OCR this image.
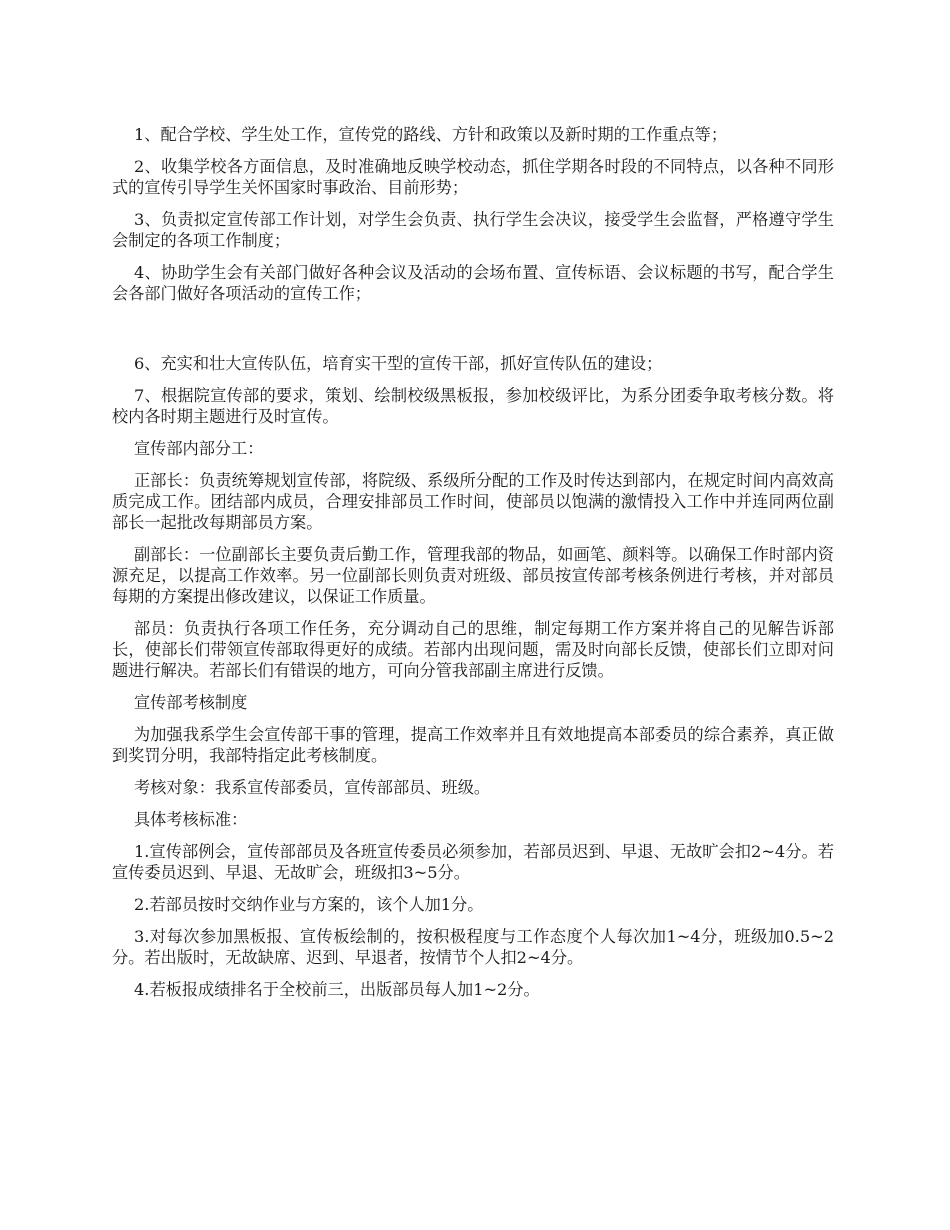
1、配合学校、学生处工作，宣传党的路线、方针和政策以及新时期的工作重点等；

2、收集学校各方面信息，及时准确地反映学校动态，抓住学期各时段的不同特点，以各种不同形式的宣传引导学生关怀国家时事政治、目前形势；

3、负责拟定宣传部工作计划，对学生会负责、执行学生会决议，接受学生会监督，严格遵守学生会制定的各项工作制度；

4、协助学生会有关部门做好各种会议及活动的会场布置、宣传标语、会议标题的书写，配合学生会各部门做好各项活动的宣传工作；

6、充实和壮大宣传队伍，培育实干型的宣传干部，抓好宣传队伍的建设；

7、根据院宣传部的要求，策划、绘制校级黑板报，参加校级评比，为系分团委争取考核分数。将校内各时期主题进行及时宣传。

宣传部内部分工：

正部长：负责统筹规划宣传部，将院级、系级所分配的工作及时传达到部内，在规定时间内高效高质完成工作。团结部内成员，合理安排部员工作时间，使部员以饱满的激情投入工作中并连同两位副部长一起批改每期部员方案。

副部长：一位副部长主要负责后勤工作，管理我部的物品，如画笔、颜料等。以确保工作时部内资源充足，以提高工作效率。另一位副部长则负责对班级、部员按宣传部考核条例进行考核，并对部员每期的方案提出修改建议，以保证工作质量。

部员：负责执行各项工作任务，充分调动自己的思维，制定每期工作方案并将自己的见解告诉部长，使部长们带领宣传部取得更好的成绩。若部内出现问题，需及时向部长反馈，使部长们立即对问题进行解决。若部长们有错误的地方，可向分管我部副主席进行反馈。

宣传部考核制度

为加强我系学生会宣传部干事的管理，提高工作效率并且有效地提高本部委员的综合素养，真正做到奖罚分明，我部特指定此考核制度。

考核对象：我系宣传部委员，宣传部部员、班级。

具体考核标准：

1.宣传部例会，宣传部部员及各班宣传委员必须参加，若部员迟到、早退、无故旷会扣2~4分。若宣传委员迟到、早退、无故旷会，班级扣3~5分。

2.若部员按时交纳作业与方案的，该个人加1分。

3.对每次参加黑板报、宣传板绘制的，按积极程度与工作态度个人每次加1~4分，班级加0.5~2分。若出版时，无故缺席、迟到、早退者，按情节个人扣2~4分。

4.若板报成绩排名于全校前三，出版部员每人加1~2分。
